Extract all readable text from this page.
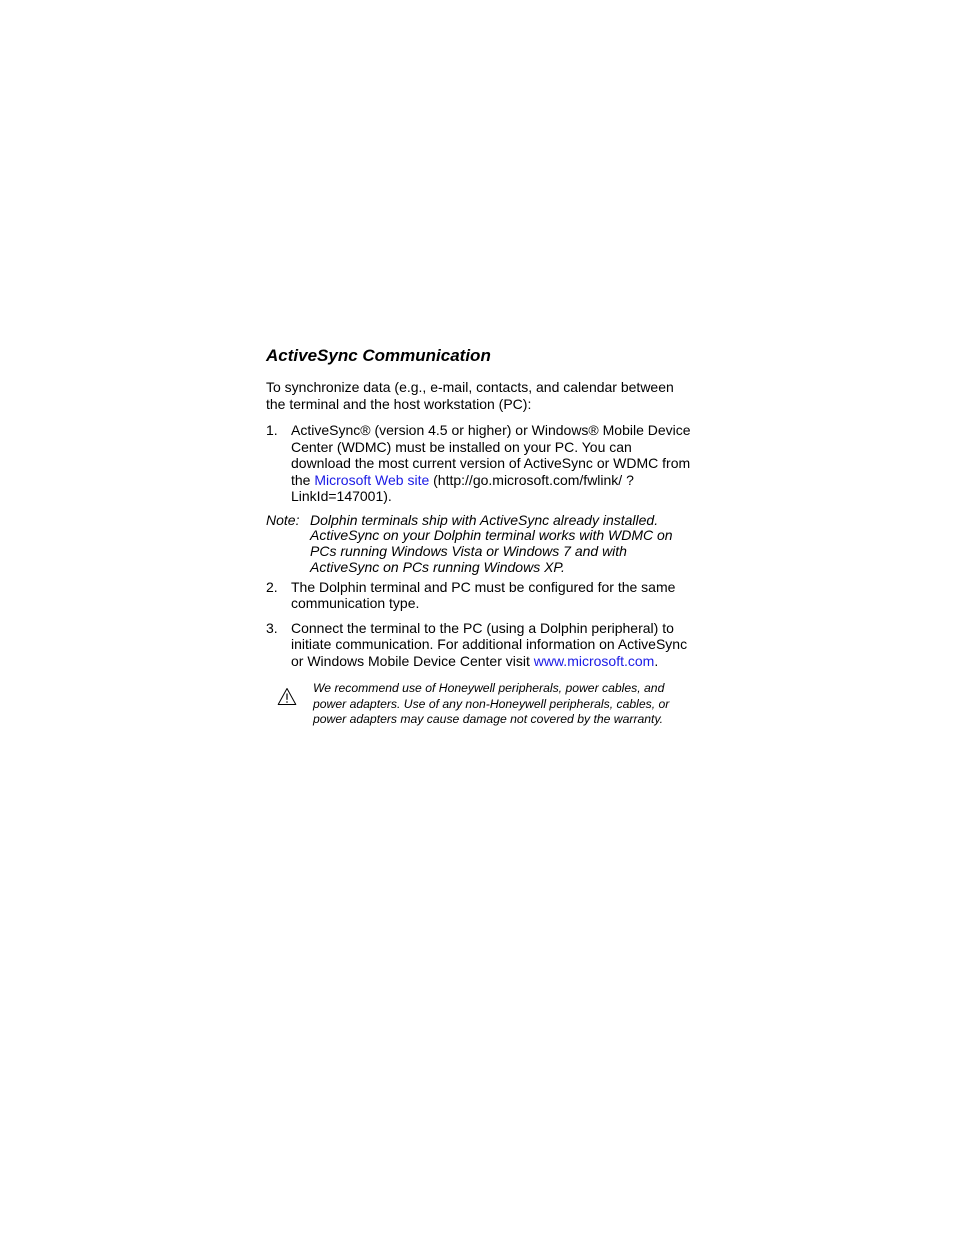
ActiveSync Communication
To synchronize data (e.g., e-mail, contacts, and calendar between the terminal and the host workstation (PC):
1. ActiveSync® (version 4.5 or higher) or Windows® Mobile Device Center (WDMC) must be installed on your PC. You can download the most current version of ActiveSync or WDMC from the Microsoft Web site (http://go.microsoft.com/fwlink/ ?LinkId=147001).
Note: Dolphin terminals ship with ActiveSync already installed. ActiveSync on your Dolphin terminal works with WDMC on PCs running Windows Vista or Windows 7 and with ActiveSync on PCs running Windows XP.
2. The Dolphin terminal and PC must be configured for the same communication type.
3. Connect the terminal to the PC (using a Dolphin peripheral) to initiate communication. For additional information on ActiveSync or Windows Mobile Device Center visit www.microsoft.com.
We recommend use of Honeywell peripherals, power cables, and power adapters. Use of any non-Honeywell peripherals, cables, or power adapters may cause damage not covered by the warranty.
